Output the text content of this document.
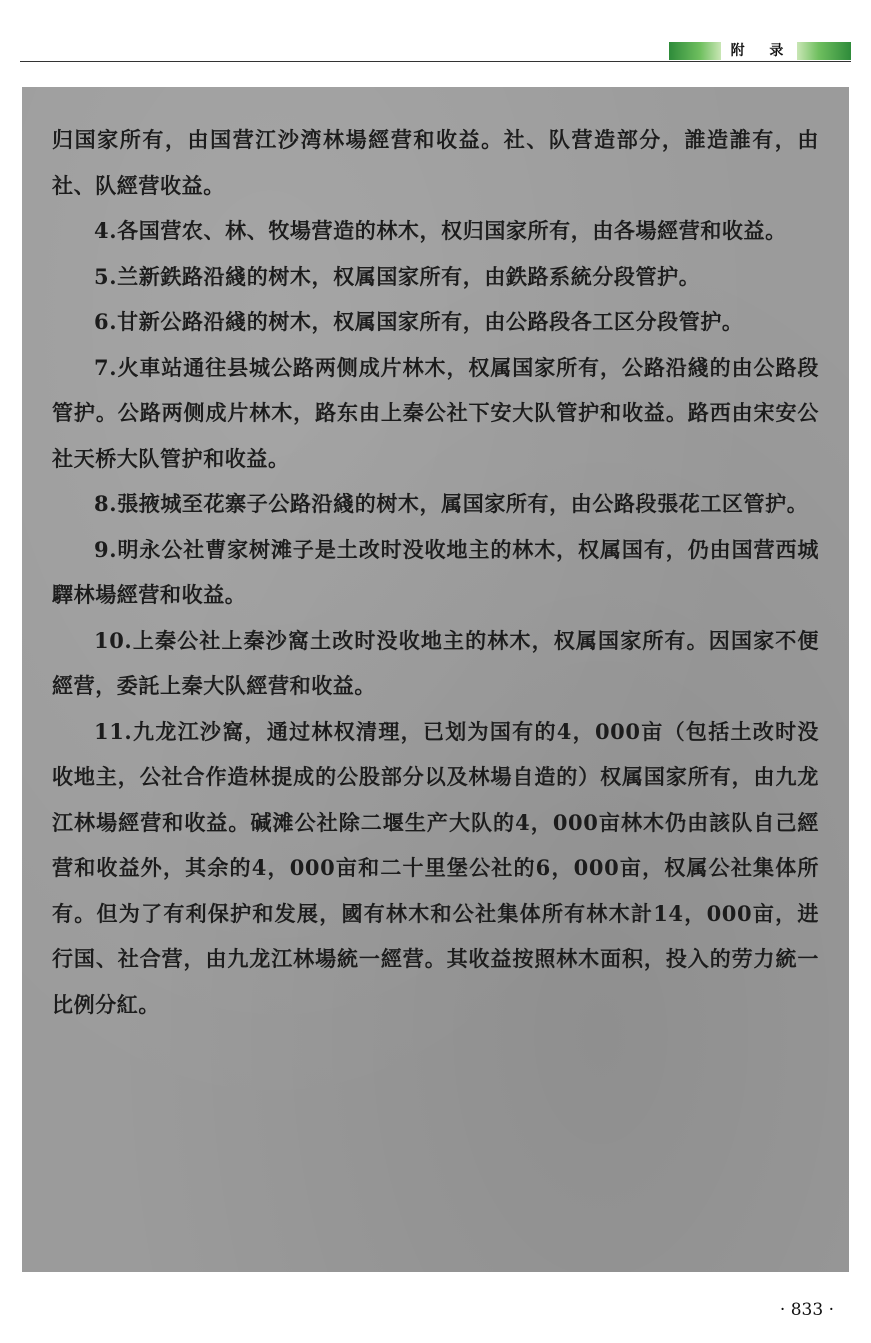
附 录

归国家所有，由国营江沙湾林場經营和收益。社、队营造部分，誰造誰有，由社、队經营收益。

4.各国营农、林、牧場营造的林木，权归国家所有，由各場經营和收益。

5.兰新鉄路沿綫的树木，权属国家所有，由鉄路系統分段管护。

6.甘新公路沿綫的树木，权属国家所有，由公路段各工区分段管护。

7.火車站通往县城公路两侧成片林木，权属国家所有，公路沿綫的由公路段管护。公路两侧成片林木，路东由上秦公社下安大队管护和收益。路西由宋安公社天桥大队管护和收益。

8.張掖城至花寨子公路沿綫的树木，属国家所有，由公路段張花工区管护。

9.明永公社曹家树滩子是土改时没收地主的林木，权属国有，仍由国营西城驛林場經营和收益。

10.上秦公社上秦沙窩土改时没收地主的林木，权属国家所有。因国家不便經营，委託上秦大队經营和收益。

11.九龙江沙窩，通过林权清理，已划为国有的4，000亩（包括土改时没收地主，公社合作造林提成的公股部分以及林場自造的）权属国家所有，由九龙江林場經营和收益。碱滩公社除二堰生产大队的4，000亩林木仍由該队自己經营和收益外，其余的4，000亩和二十里堡公社的6，000亩，权属公社集体所有。但为了有利保护和发展，國有林木和公社集体所有林木計14，000亩，进行国、社合营，由九龙江林場統一經营。其收益按照林木面积，投入的劳力統一比例分紅。

· 833 ·
